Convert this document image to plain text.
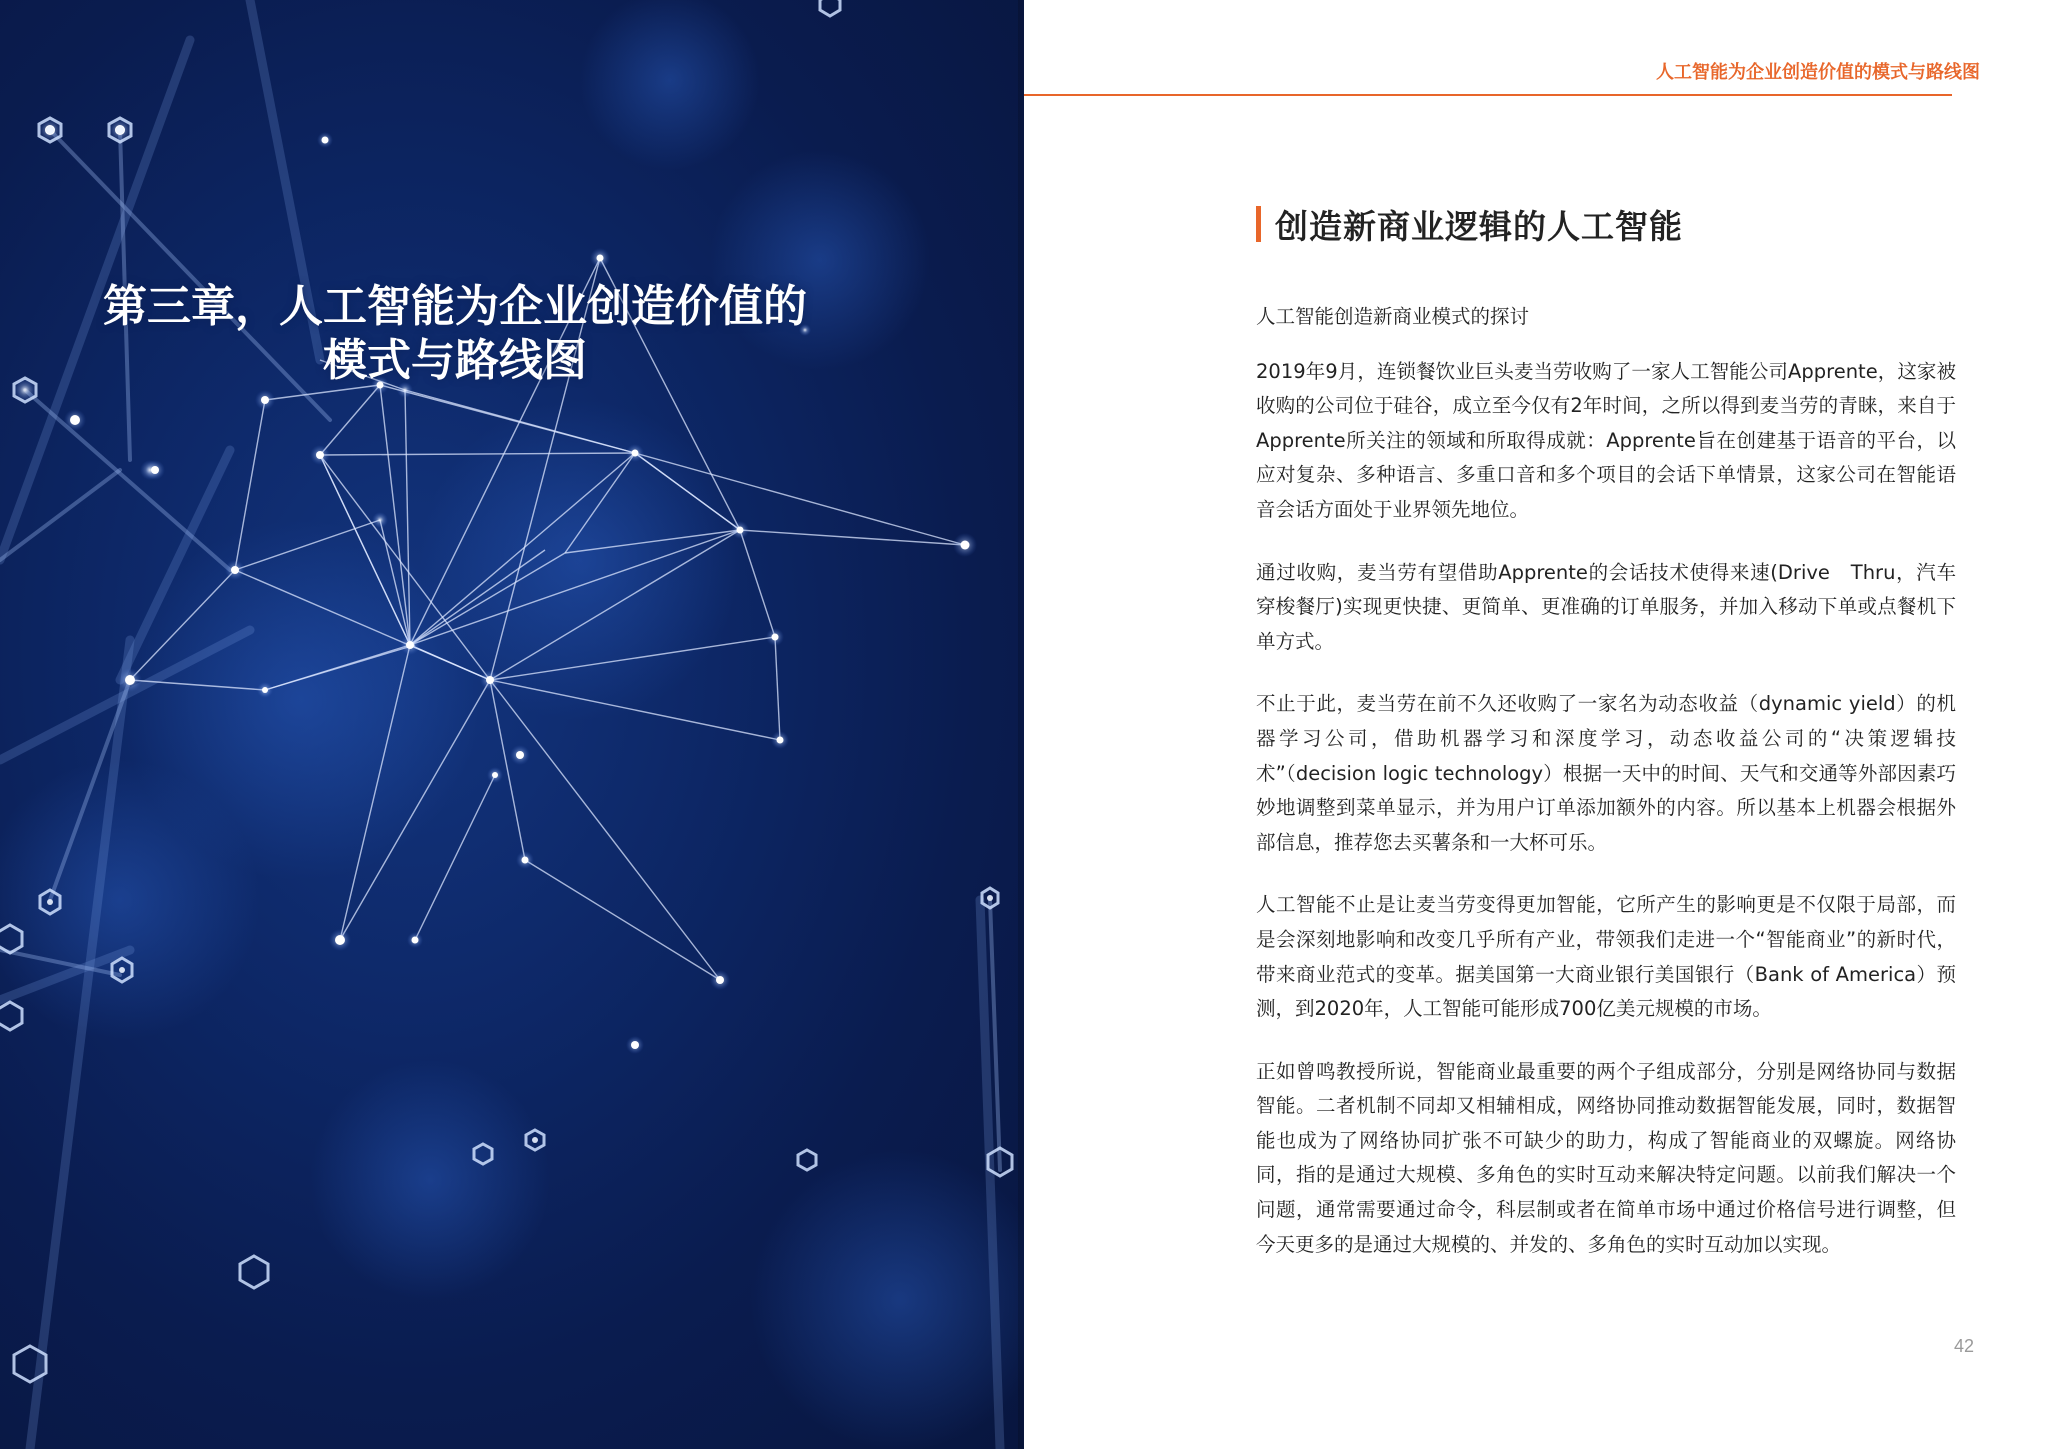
第三章，人工智能为企业创造价值的
模式与路线图
人工智能为企业创造价值的模式与路线图
创造新商业逻辑的人工智能

人工智能创造新商业模式的探讨

2019年9月，连锁餐饮业巨头麦当劳收购了一家人工智能公司Apprente，这家被收购的公司位于硅谷，成立至今仅有2年时间，之所以得到麦当劳的青睐，来自于Apprente所关注的领域和所取得成就：Apprente旨在创建基于语音的平台，以应对复杂、多种语言、多重口音和多个项目的会话下单情景，这家公司在智能语音会话方面处于业界领先地位。

通过收购，麦当劳有望借助Apprente的会话技术使得来速(Drive　Thru，汽车穿梭餐厅)实现更快捷、更简单、更准确的订单服务，并加入移动下单或点餐机下单方式。

不止于此，麦当劳在前不久还收购了一家名为动态收益（dynamic yield）的机器学习公司，借助机器学习和深度学习，动态收益公司的“决策逻辑技术”（decision logic technology）根据一天中的时间、天气和交通等外部因素巧妙地调整到菜单显示，并为用户订单添加额外的内容。所以基本上机器会根据外部信息，推荐您去买薯条和一大杯可乐。

人工智能不止是让麦当劳变得更加智能，它所产生的影响更是不仅限于局部，而是会深刻地影响和改变几乎所有产业，带领我们走进一个“智能商业”的新时代，带来商业范式的变革。据美国第一大商业银行美国银行（Bank of America）预测，到2020年，人工智能可能形成700亿美元规模的市场。

正如曾鸣教授所说，智能商业最重要的两个子组成部分，分别是网络协同与数据智能。二者机制不同却又相辅相成，网络协同推动数据智能发展，同时，数据智能也成为了网络协同扩张不可缺少的助力，构成了智能商业的双螺旋。网络协同，指的是通过大规模、多角色的实时互动来解决特定问题。以前我们解决一个问题，通常需要通过命令，科层制或者在简单市场中通过价格信号进行调整，但今天更多的是通过大规模的、并发的、多角色的实时互动加以实现。

42
